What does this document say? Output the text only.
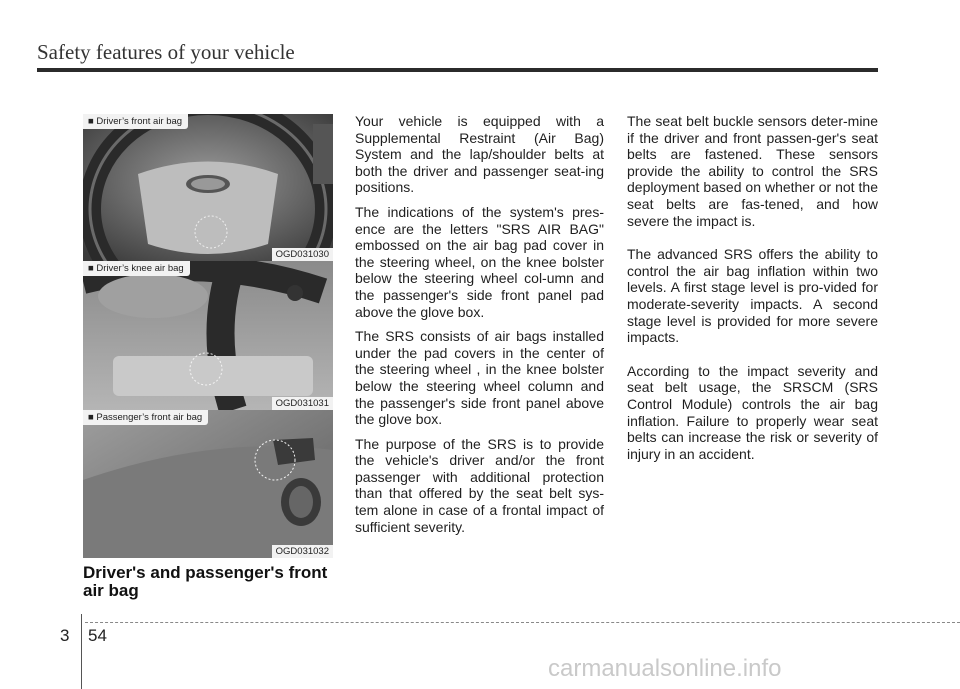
Safety features of your vehicle
■ Driver’s front air bag
OGD031030
■ Driver’s knee air bag
OGD031031
■ Passenger’s front air bag
OGD031032
Driver's and passenger's front air bag

Your vehicle is equipped with a Supplemental Restraint (Air Bag) System and the lap/shoulder belts at both the driver and passenger seat-ing positions.

The indications of the system's pres-ence are the letters "SRS AIR BAG" embossed on the air bag pad cover in the steering wheel, on the knee bolster below the steering wheel col-umn and the passenger's side front panel pad above the glove box.

The SRS consists of air bags installed under the pad covers in the center of the steering wheel , in the knee bolster below the steering wheel column and the passenger's side front panel above the glove box.

The purpose of the SRS is to provide the vehicle's driver and/or the front passenger with additional protection than that offered by the seat belt sys-tem alone in case of a frontal impact of sufficient severity.

The seat belt buckle sensors deter-mine if the driver and front passen-ger's seat belts are fastened. These sensors provide the ability to control the SRS deployment based on whether or not the seat belts are fas-tened, and how severe the impact is.

The advanced SRS offers the ability to control the air bag inflation within two levels. A first stage level is pro-vided for moderate-severity impacts. A second stage level is provided for more severe impacts.

According to the impact severity and seat belt usage, the SRSCM (SRS Control Module) controls the air bag inflation. Failure to properly wear seat belts can increase the risk or severity of injury in an accident.

3 54
carmanualsonline.info
